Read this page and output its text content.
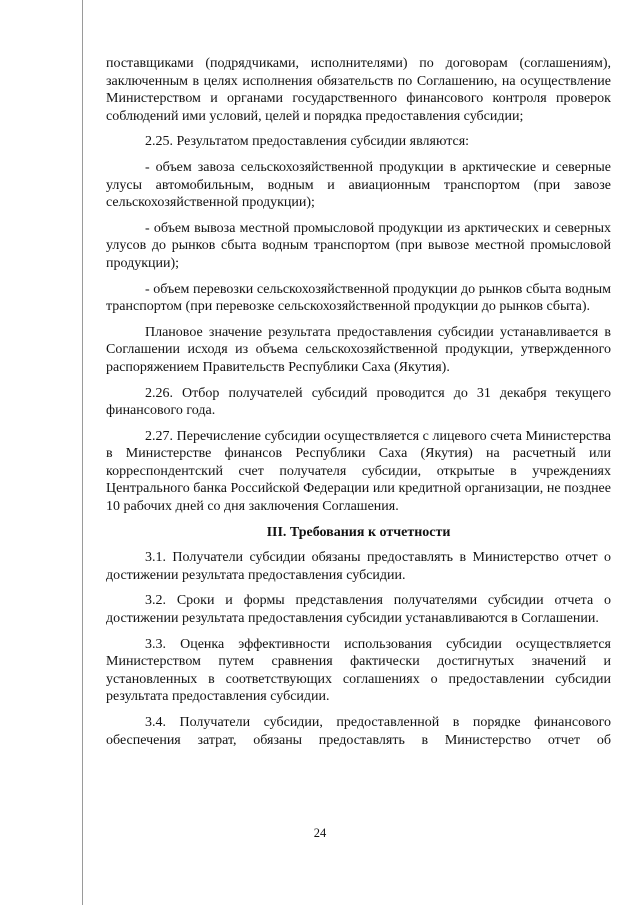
поставщиками (подрядчиками, исполнителями) по договорам (соглашениям), заключенным в целях исполнения обязательств по Соглашению, на осуществление Министерством и органами государственного финансового контроля проверок соблюдений ими условий, целей и порядка предоставления субсидии;

2.25. Результатом предоставления субсидии являются:

- объем завоза сельскохозяйственной продукции в арктические и северные улусы автомобильным, водным и авиационным транспортом (при завозе сельскохозяйственной продукции);

- объем вывоза местной промысловой продукции из арктических и северных улусов до рынков сбыта водным транспортом (при вывозе местной промысловой продукции);

- объем перевозки сельскохозяйственной продукции до рынков сбыта водным транспортом (при перевозке сельскохозяйственной продукции до рынков сбыта).

Плановое значение результата предоставления субсидии устанавливается в Соглашении исходя из объема сельскохозяйственной продукции, утвержденного распоряжением Правительств Республики Саха (Якутия).

2.26. Отбор получателей субсидий проводится до 31 декабря текущего финансового года.

2.27. Перечисление субсидии осуществляется с лицевого счета Министерства в Министерстве финансов Республики Саха (Якутия) на расчетный или корреспондентский счет получателя субсидии, открытые в учреждениях Центрального банка Российской Федерации или кредитной организации, не позднее 10 рабочих дней со дня заключения Соглашения.

III. Требования к отчетности

3.1. Получатели субсидии обязаны предоставлять в Министерство отчет о достижении результата предоставления субсидии.

3.2. Сроки и формы представления получателями субсидии отчета о достижении результата предоставления субсидии устанавливаются в Соглашении.

3.3. Оценка эффективности использования субсидии осуществляется Министерством путем сравнения фактически достигнутых значений и установленных в соответствующих соглашениях о предоставлении субсидии результата предоставления субсидии.

3.4. Получатели субсидии, предоставленной в порядке финансового обеспечения затрат, обязаны предоставлять в Министерство отчет об

24
